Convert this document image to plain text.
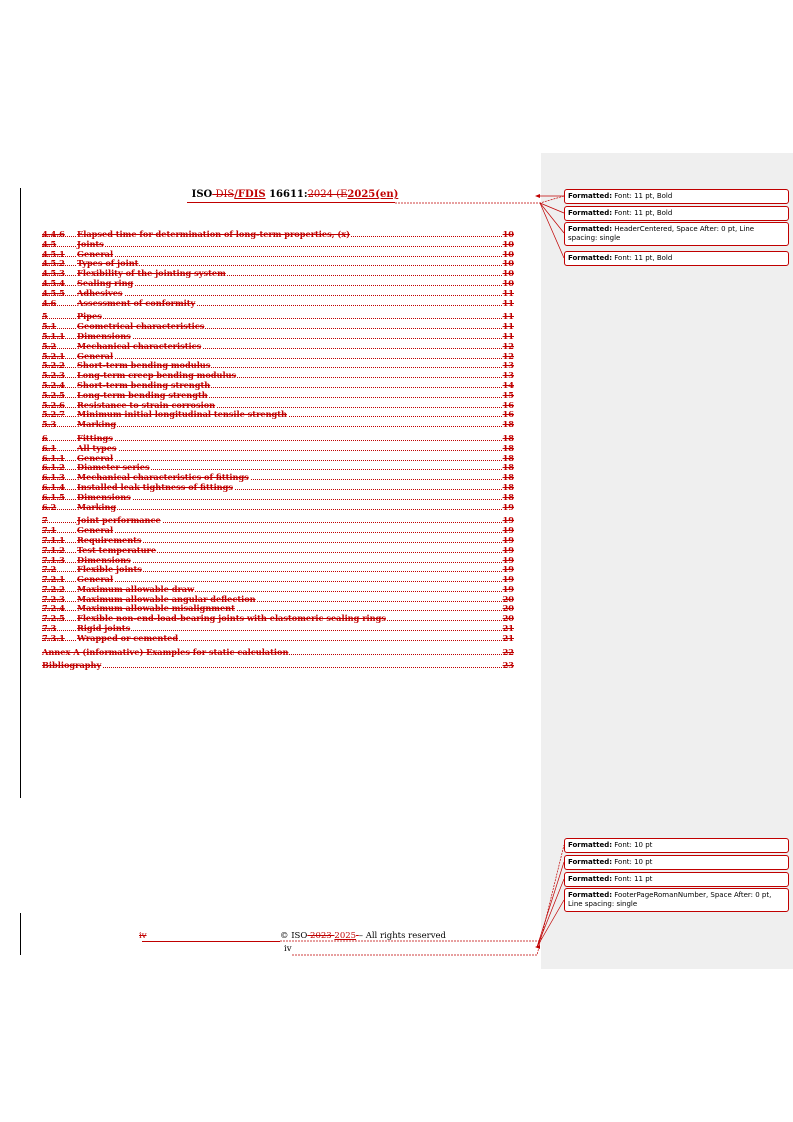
ISO DIS/FDIS 16611:2024 (E2025(en)
4.4.6 Elapsed time for determination of long-term properties, (x)	10
4.5	Joints	10
4.5.1 General	10
4.5.2 Types of joint	10
4.5.3 Flexibility of the jointing system	10
4.5.4 Sealing ring	10
4.5.5 Adhesives	11
4.6	Assessment of conformity	11
5	Pipes	11
5.1	Geometrical characteristics	11
5.1.1 Dimensions	11
5.2	Mechanical characteristics	12
5.2.1 General	12
5.2.2 Short-term bending modulus	13
5.2.3 Long-term creep bending modulus	13
5.2.4 Short-term bending strength	14
5.2.5 Long-term bending strength	15
5.2.6 Resistance to strain corrosion	16
5.2.7 Minimum initial longitudinal tensile strength	16
5.3	Marking	18
6	Fittings	18
6.1	All types	18
6.1.1 General	18
6.1.2 Diameter series	18
6.1.3 Mechanical characteristics of fittings	18
6.1.4 Installed leak tightness of fittings	18
6.1.5 Dimensions	18
6.2	Marking	19
7	Joint performance	19
7.1	General	19
7.1.1 Requirements	19
7.1.2 Test temperature	19
7.1.3 Dimensions	19
7.2	Flexible joints	19
7.2.1 General	19
7.2.2 Maximum allowable draw	19
7.2.3 Maximum allowable angular deflection	20
7.2.4 Maximum allowable misalignment	20
7.2.5 Flexible non-end-load-bearing joints with elastomeric sealing rings	20
7.3	Rigid joints	21
7.3.1 Wrapped or cemented	21
Annex A (informative) Examples for static calculation	22
Bibliography	23
Formatted: Font: 11 pt, Bold
Formatted: Font: 11 pt, Bold
Formatted: HeaderCentered, Space After: 0 pt, Line spacing: single
Formatted: Font: 11 pt, Bold
Formatted: Font: 10 pt
Formatted: Font: 10 pt
Formatted: Font: 11 pt
Formatted: FooterPageRomanNumber, Space After: 0 pt, Line spacing: single
iv	© ISO 2023 2025 – All rights reserved
iv
